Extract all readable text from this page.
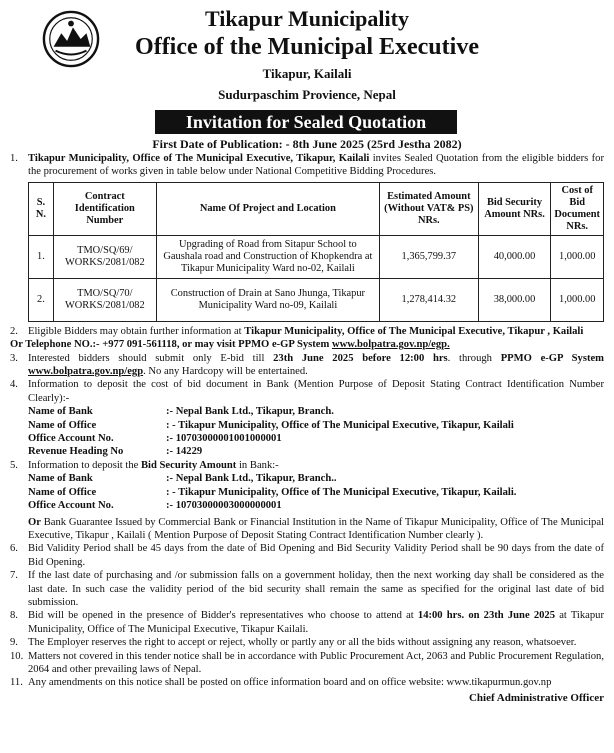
Tikapur Municipality
Office of the Municipal Executive
Tikapur, Kailali
Sudurpaschim Provience, Nepal
Invitation for Sealed Quotation
First Date of Publication: - 8th June 2025 (25rd Jestha 2082)
1. Tikapur Municipality, Office of The Municipal Executive, Tikapur, Kailali invites Sealed Quotation from the eligible bidders for the procurement of works given in table below under National Competitive Bidding Procedures.
S. N.	Contract Identification Number	Name Of Project and Location	Estimated Amount (Without VAT& PS) NRs.	Bid Security Amount NRs.	Cost of Bid Document NRs.
1.	TMO/SQ/69/ WORKS/2081/082	Upgrading of Road from Sitapur School to Gaushala road and Construction of Khopkendra at Tikapur Municipality Ward no-02, Kailali	1,365,799.37	40,000.00	1,000.00
2.	TMO/SQ/70/ WORKS/2081/082	Construction of Drain at Sano Jhunga, Tikapur Municipality Ward no-09, Kailali	1,278,414.32	38,000.00	1,000.00
2. Eligible Bidders may obtain further information at Tikapur Municipality, Office of The Municipal Executive, Tikapur , Kailali
Or Telephone NO.:- +977 091-561118, or may visit PPMO e-GP System www.bolpatra.gov.np/egp.
3. Interested bidders should submit only E-bid till 23th June 2025 before 12:00 hrs. through PPMO e-GP System www.bolpatra.gov.np/egp. No any Hardcopy will be entertained.
4. Information to deposit the cost of bid document in Bank (Mention Purpose of Deposit Stating Contract Identification Number Clearly):-
Name of Bank	:- Nepal Bank Ltd., Tikapur, Branch.
Name of Office	: - Tikapur Municipality, Office of The Municipal Executive, Tikapur, Kailali
Office Account No.	:- 10703000001001000001
Revenue Heading No	:- 14229
5. Information to deposit the Bid Security Amount in Bank:-
Name of Bank	:- Nepal Bank Ltd., Tikapur, Branch..
Name of Office	: - Tikapur Municipality, Office of The Municipal Executive, Tikapur, Kailali.
Office Account No.	:- 10703000003000000001
Or Bank Guarantee Issued by Commercial Bank or Financial Institution in the Name of Tikapur Municipality, Office of The Municipal Executive, Tikapur , Kailali ( Mention Purpose of Deposit Stating Contract Identification Number clearly ).
6. Bid Validity Period shall be 45 days from the date of Bid Opening and Bid Security Validity Period shall be 90 days from the date of Bid Opening.
7. If the last date of purchasing and /or submission falls on a government holiday, then the next working day shall be considered as the last date. In such case the validity period of the bid security shall remain the same as specified for the original last date of bid submission.
8. Bid will be opened in the presence of Bidder's representatives who choose to attend at 14:00 hrs. on 23th June 2025 at Tikapur Municipality, Office of The Municipal Executive, Tikapur Kailali.
9. The Employer reserves the right to accept or reject, wholly or partly any or all the bids without assigning any reason, whatsoever.
10. Matters not covered in this tender notice shall be in accordance with Public Procurement Act, 2063 and Public Procurement Regulation, 2064 and other prevailing laws of Nepal.
11. Any amendments on this notice shall be posted on office information board and on office website: www.tikapurmun.gov.np
Chief Administrative Officer
